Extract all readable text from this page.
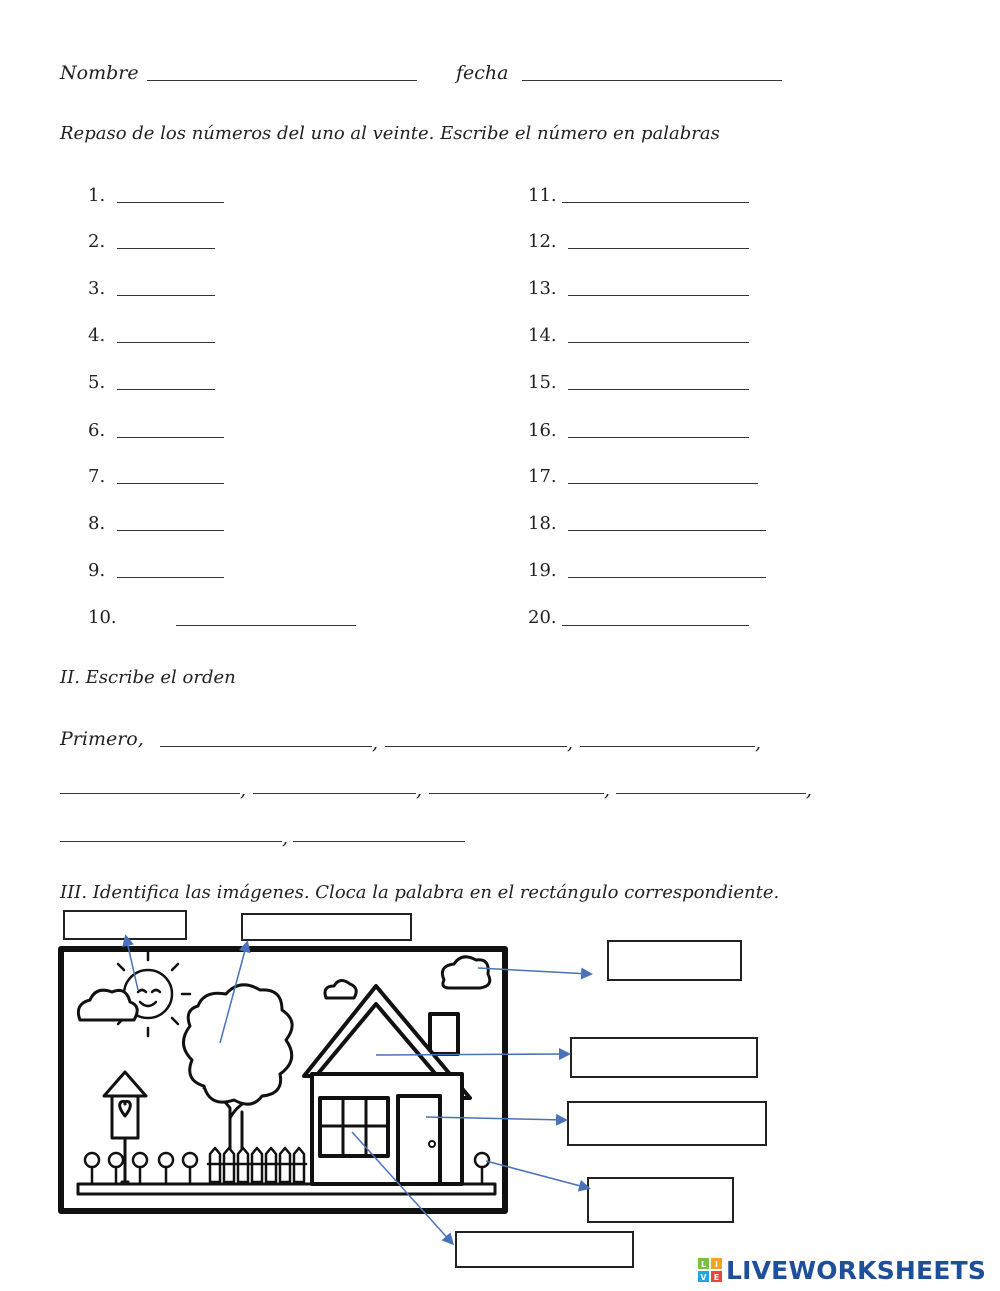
Nombre	fecha
Repaso de los números del uno al veinte. Escribe el número en palabras
1.
2.
3.
4.
5.
6.
7.
8.
9.
10.
11.
12.
13.
14.
15.
16.
17.
18.
19.
20.
II. Escribe el orden
Primero,	,	,	,
,	,	,	,
,
III. Identifica las imágenes. Cloca la palabra en el rectángulo correspondiente.
L I
V E LIVEWORKSHEETS
